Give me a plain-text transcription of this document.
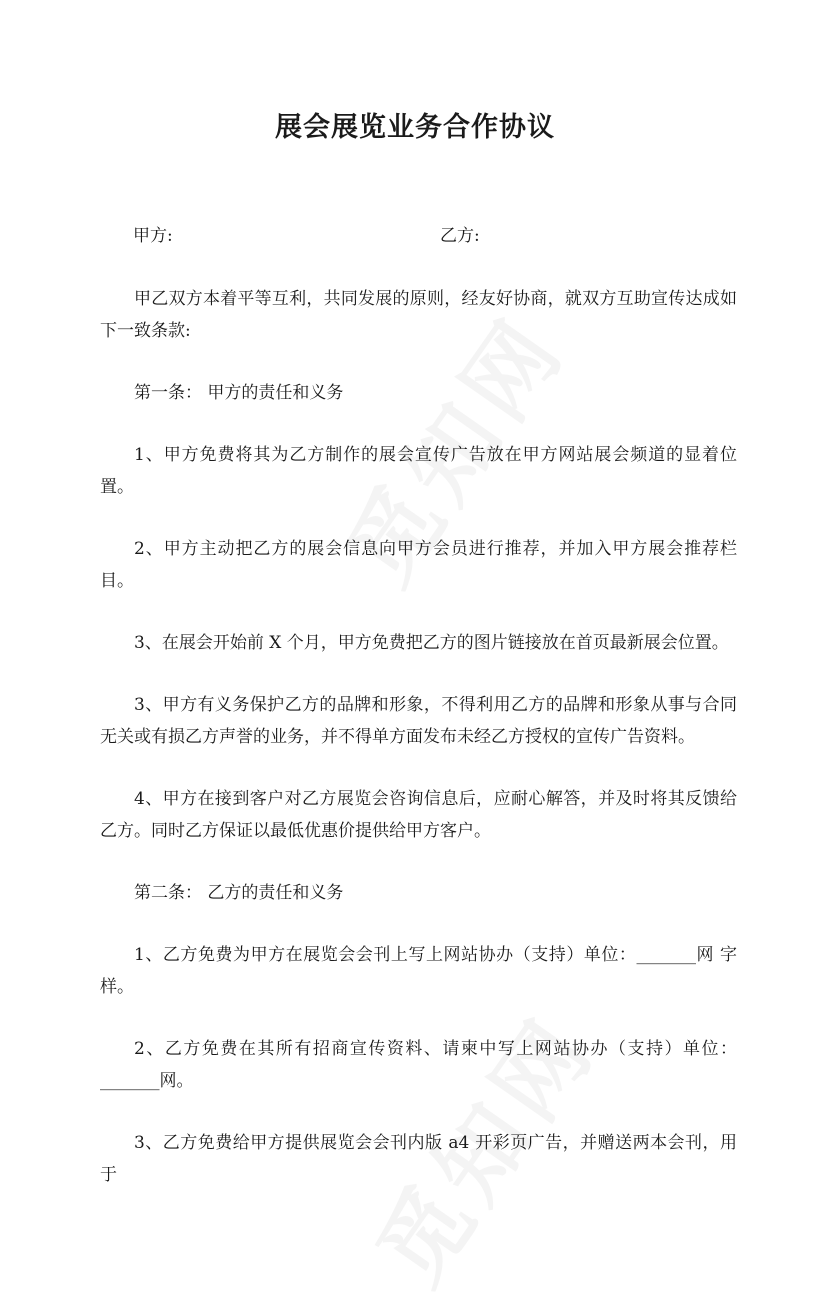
展会展览业务合作协议
甲方:	乙方:

甲乙双方本着平等互利，共同发展的原则，经友好协商，就双方互助宣传达成如下一致条款:

第一条： 甲方的责任和义务

1、甲方免费将其为乙方制作的展会宣传广告放在甲方网站展会频道的显着位置。

2、甲方主动把乙方的展会信息向甲方会员进行推荐，并加入甲方展会推荐栏目。

3、在展会开始前 X 个月，甲方免费把乙方的图片链接放在首页最新展会位置。

3、甲方有义务保护乙方的品牌和形象，不得利用乙方的品牌和形象从事与合同无关或有损乙方声誉的业务，并不得单方面发布未经乙方授权的宣传广告资料。

4、甲方在接到客户对乙方展览会咨询信息后，应耐心解答，并及时将其反馈给乙方。同时乙方保证以最低优惠价提供给甲方客户。

第二条： 乙方的责任和义务

1、乙方免费为甲方在展览会会刊上写上网站协办（支持）单位：_______网 字样。

2、乙方免费在其所有招商宣传资料、请柬中写上网站协办（支持）单位：_______网。

3、乙方免费给甲方提供展览会会刊内版 a4 开彩页广告，并赠送两本会刊，用于
